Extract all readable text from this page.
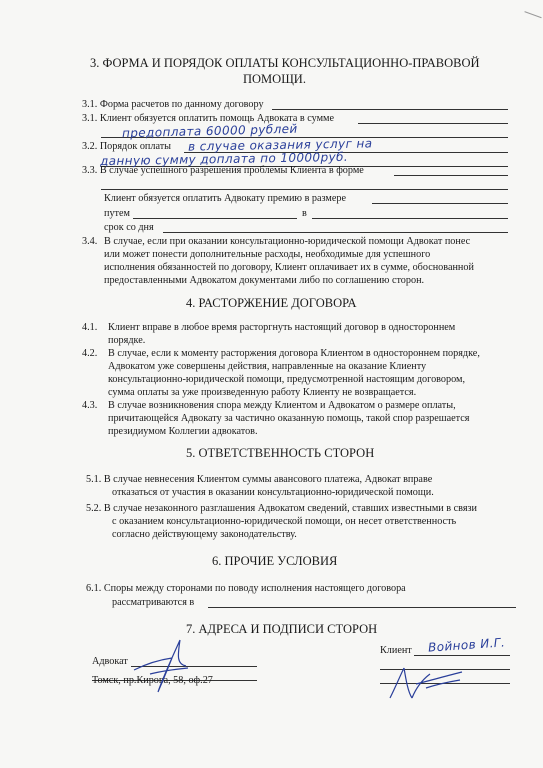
3. ФОРМА И ПОРЯДОК ОПЛАТЫ КОНСУЛЬТАЦИОННО-ПРАВОВОЙ
ПОМОЩИ.
3.1. Форма расчетов по данному договору
3.1. Клиент обязуется оплатить помощь Адвоката в сумме
предоплата 60000 рублей
3.2. Порядок оплаты в случае оказания услуг на
данную сумму доплата по 10000руб.
3.3. В случае успешного разрешения проблемы Клиента в форме
Клиент обязуется оплатить Адвокату премию в размере
путем	в
срок со дня
3.4. В случае, если при оказании консультационно-юридической помощи Адвокат понес
или может понести дополнительные расходы, необходимые для успешного
исполнения обязанностей по договору, Клиент оплачивает их в сумме, обоснованной
предоставленными Адвокатом документами либо по соглашению сторон.
4. РАСТОРЖЕНИЕ ДОГОВОРА
4.1. Клиент вправе в любое время расторгнуть настоящий договор в одностороннем
порядке.
4.2. В случае, если к моменту расторжения договора Клиентом в одностороннем порядке,
Адвокатом уже совершены действия, направленные на оказание Клиенту
консультационно-юридической помощи, предусмотренной настоящим договором,
сумма оплаты за уже произведенную работу Клиенту не возвращается.
4.3. В случае возникновения спора между Клиентом и Адвокатом о размере оплаты,
причитающейся Адвокату за частично оказанную помощь, такой спор разрешается
президиумом Коллегии адвокатов.
5. ОТВЕТСТВЕННОСТЬ СТОРОН
5.1. В случае невнесения Клиентом суммы авансового платежа, Адвокат вправе
отказаться от участия в оказании консультационно-юридической помощи.
5.2. В случае незаконного разглашения Адвокатом сведений, ставших известными в связи
с оказанием консультационно-юридической помощи, он несет ответственность
согласно действующему законодательству.
6. ПРОЧИЕ УСЛОВИЯ
6.1. Споры между сторонами по поводу исполнения настоящего договора
рассматриваются в
7. АДРЕСА И ПОДПИСИ СТОРОН
Адвокат
Томск, пр.Кирова, 58, оф.27
Клиент Войнов И.Г.
